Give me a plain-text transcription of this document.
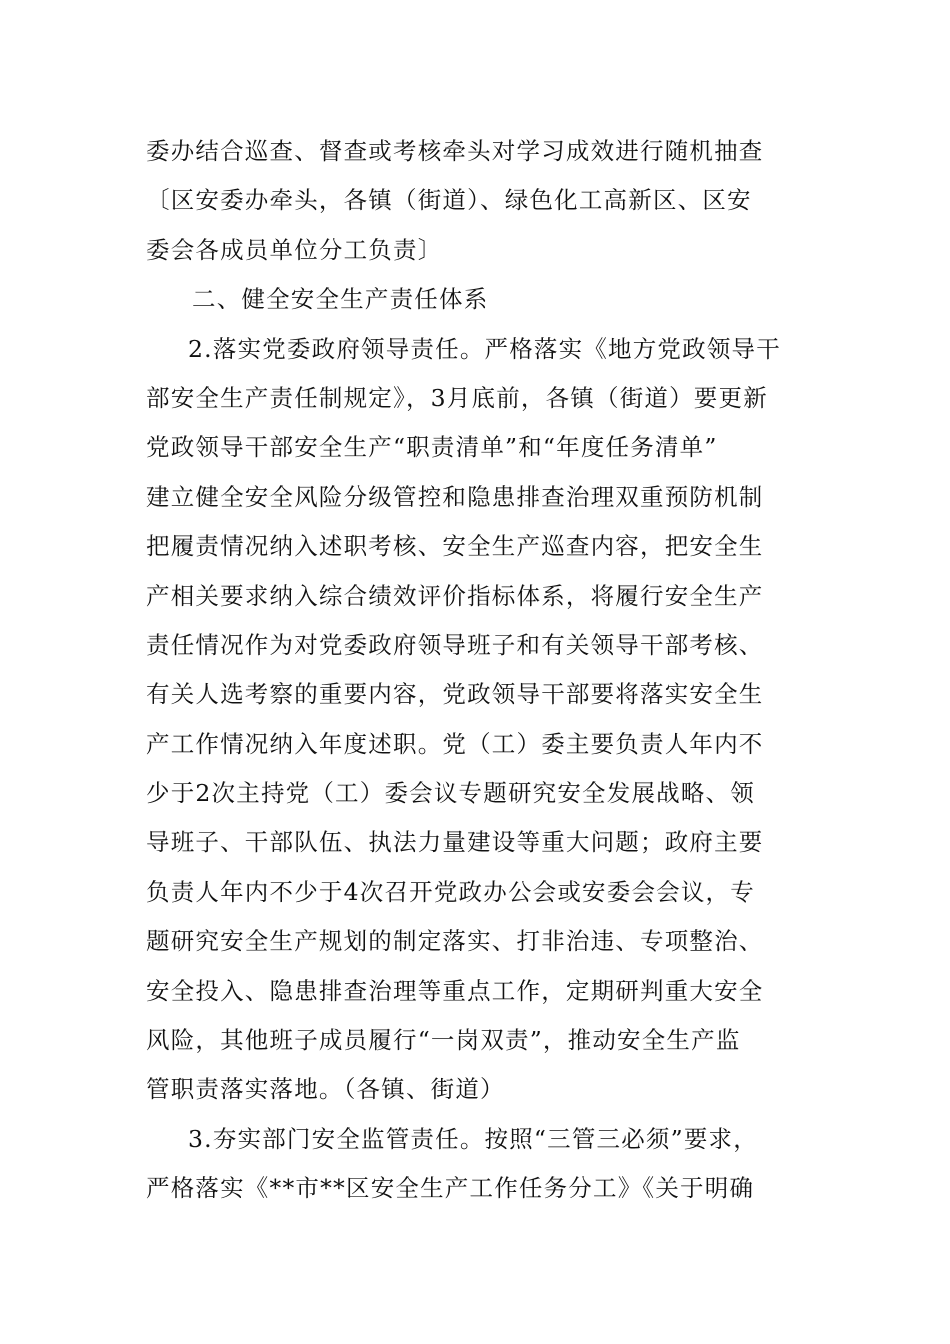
委办结合巡查、督查或考核牵头对学习成效进行随机抽查
〔区安委办牵头，各镇（街道）、绿色化工高新区、区安
委会各成员单位分工负责〕
二、健全安全生产责任体系
2.落实党委政府领导责任。严格落实《地方党政领导干
部安全生产责任制规定》，3月底前，各镇（街道）要更新
党政领导干部安全生产“职责清单”和“年度任务清单”
建立健全安全风险分级管控和隐患排查治理双重预防机制
把履责情况纳入述职考核、安全生产巡查内容，把安全生
产相关要求纳入综合绩效评价指标体系，将履行安全生产
责任情况作为对党委政府领导班子和有关领导干部考核、
有关人选考察的重要内容，党政领导干部要将落实安全生
产工作情况纳入年度述职。党（工）委主要负责人年内不
少于2次主持党（工）委会议专题研究安全发展战略、领
导班子、干部队伍、执法力量建设等重大问题；政府主要
负责人年内不少于4次召开党政办公会或安委会会议，专
题研究安全生产规划的制定落实、打非治违、专项整治、
安全投入、隐患排查治理等重点工作，定期研判重大安全
风险，其他班子成员履行“一岗双责”，推动安全生产监
管职责落实落地。（各镇、街道）
3.夯实部门安全监管责任。按照“三管三必须”要求，
严格落实《**市**区安全生产工作任务分工》《关于明确
